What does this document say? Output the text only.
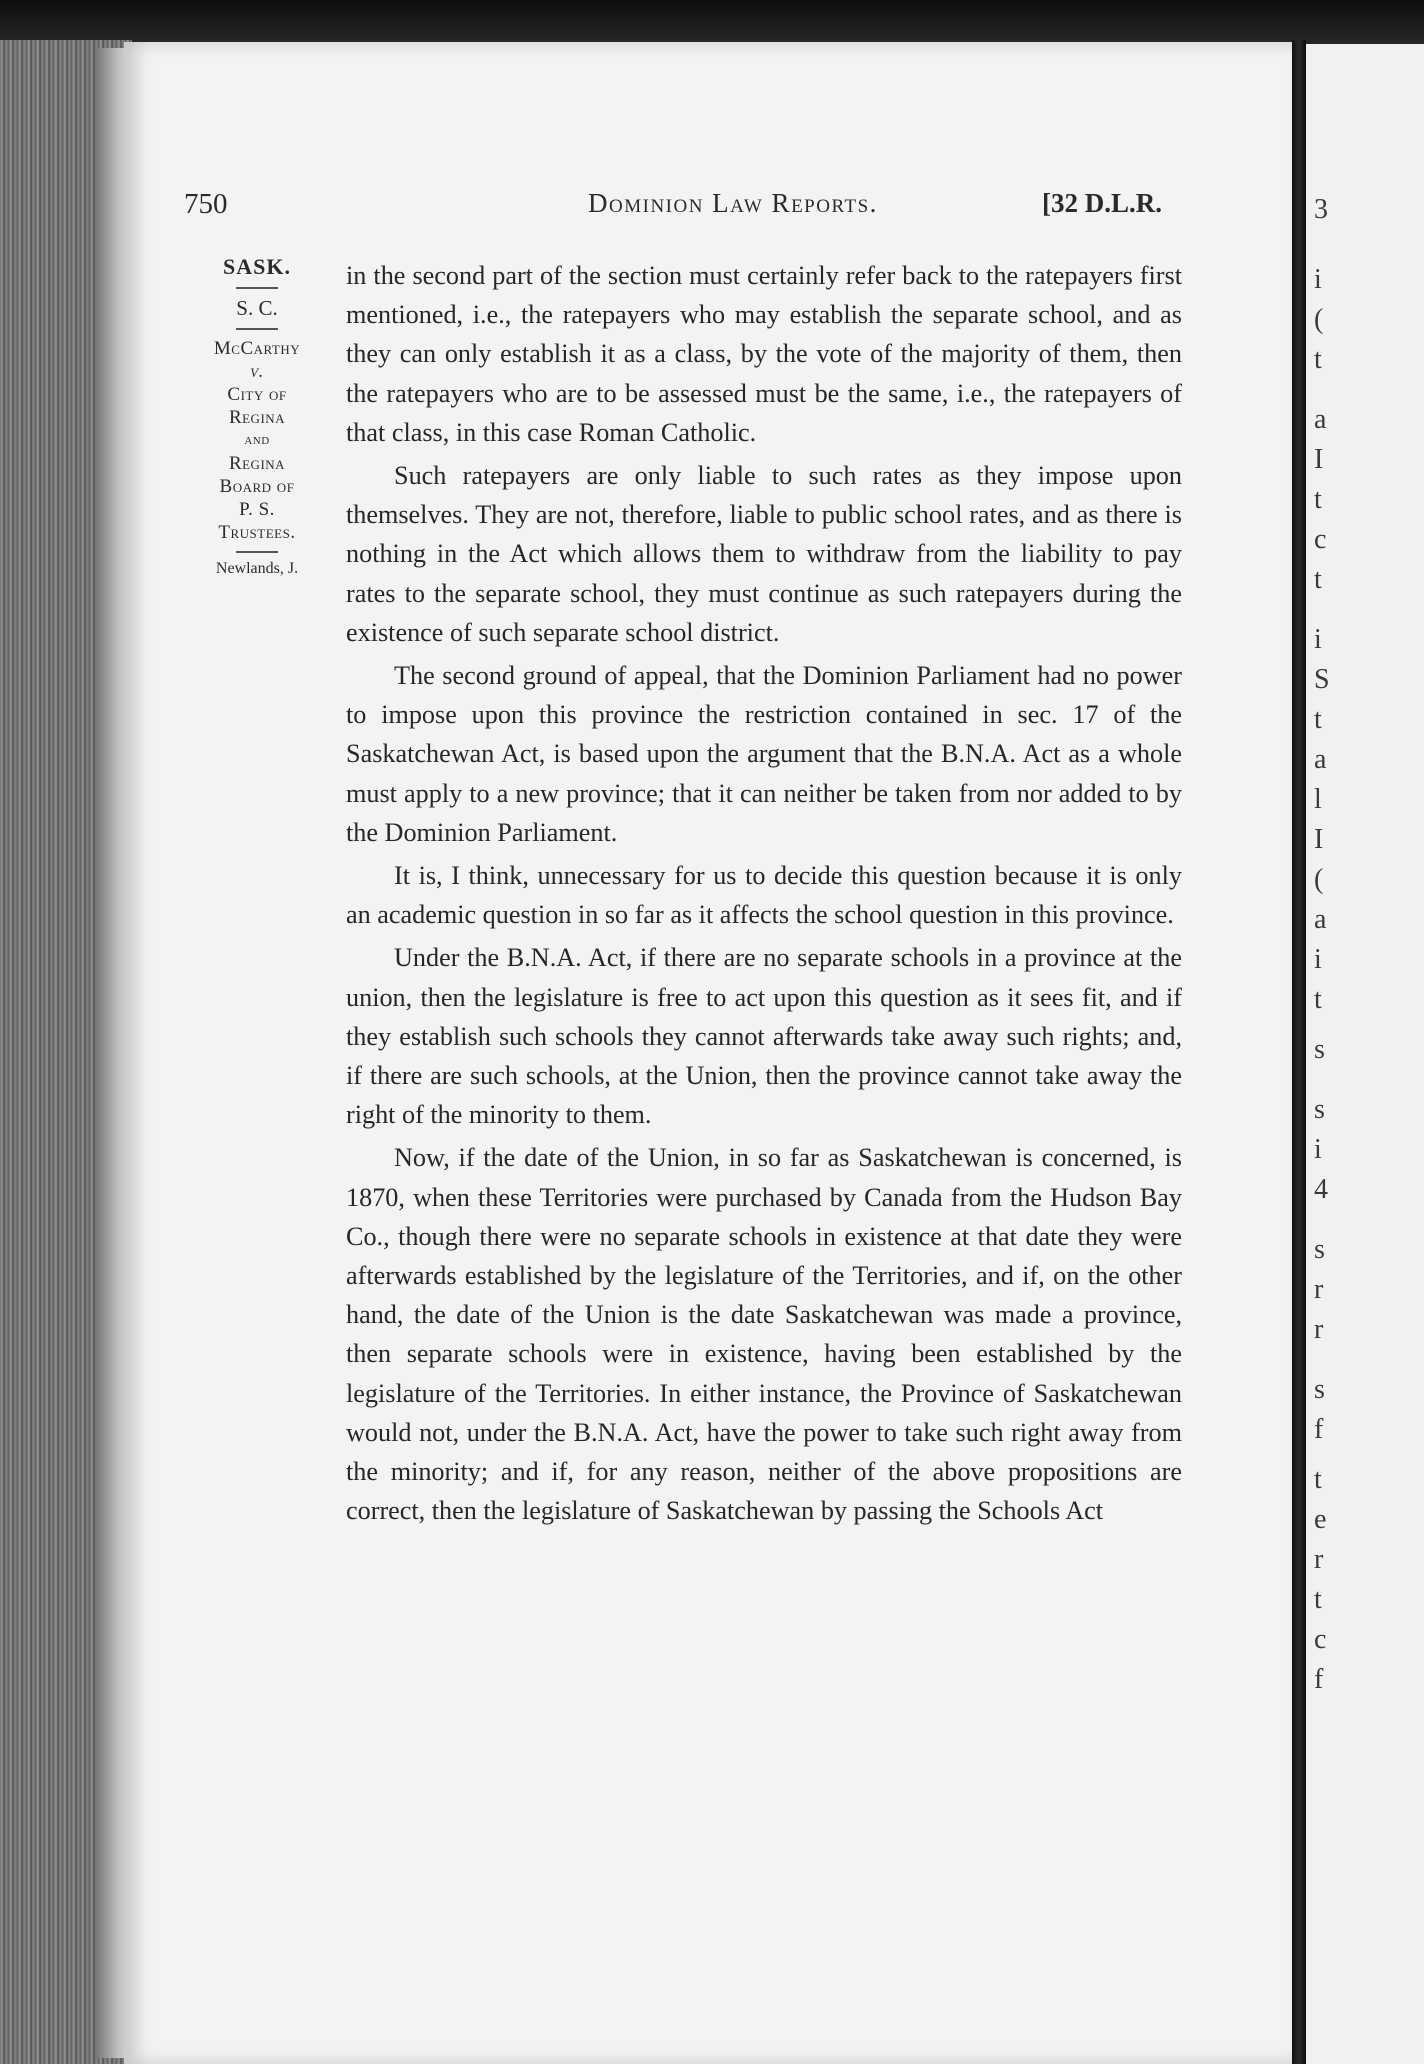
3
i
(
t
a
I
t
c
t
i
S
t
a
l
I
(
a
i
t
s
s
i
4
s
r
r
s
f
t
e
r
t
c
f
750	Dominion Law Reports.	[32 D.L.R.
SASK.
S. C.
McCarthy
v.
City of
Regina
and
Regina
Board of
P. S.
Trustees.
Newlands, J.

in the second part of the section must certainly refer back to the ratepayers first mentioned, i.e., the ratepayers who may establish the separate school, and as they can only establish it as a class, by the vote of the majority of them, then the ratepayers who are to be assessed must be the same, i.e., the ratepayers of that class, in this case Roman Catholic.

Such ratepayers are only liable to such rates as they impose upon themselves. They are not, therefore, liable to public school rates, and as there is nothing in the Act which allows them to withdraw from the liability to pay rates to the separate school, they must continue as such ratepayers during the existence of such separate school district.

The second ground of appeal, that the Dominion Parliament had no power to impose upon this province the restriction contained in sec. 17 of the Saskatchewan Act, is based upon the argument that the B.N.A. Act as a whole must apply to a new province; that it can neither be taken from nor added to by the Dominion Parliament.

It is, I think, unnecessary for us to decide this question because it is only an academic question in so far as it affects the school question in this province.

Under the B.N.A. Act, if there are no separate schools in a province at the union, then the legislature is free to act upon this question as it sees fit, and if they establish such schools they cannot afterwards take away such rights; and, if there are such schools, at the Union, then the province cannot take away the right of the minority to them.

Now, if the date of the Union, in so far as Saskatchewan is concerned, is 1870, when these Territories were purchased by Canada from the Hudson Bay Co., though there were no separate schools in existence at that date they were afterwards established by the legislature of the Territories, and if, on the other hand, the date of the Union is the date Saskatchewan was made a province, then separate schools were in existence, having been established by the legislature of the Territories. In either instance, the Province of Saskatchewan would not, under the B.N.A. Act, have the power to take such right away from the minority; and if, for any reason, neither of the above propositions are correct, then the legislature of Saskatchewan by passing the Schools Act
